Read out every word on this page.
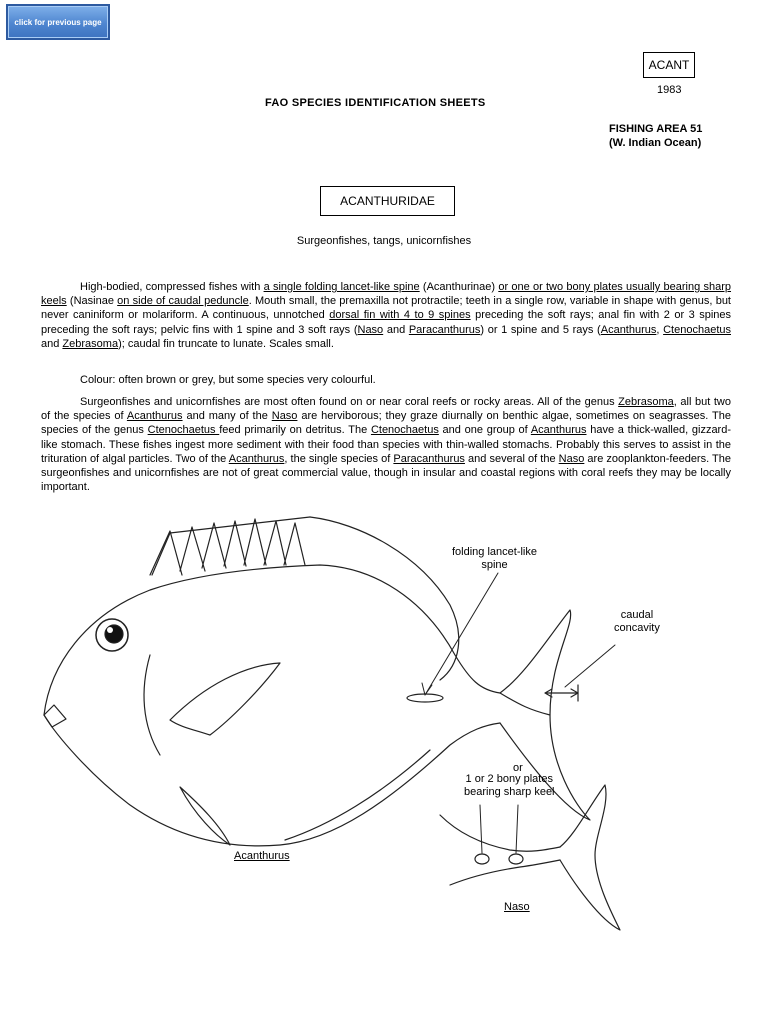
click for previous page
ACANT
1983
FAO SPECIES IDENTIFICATION SHEETS
FISHING AREA 51
(W. Indian Ocean)
ACANTHURIDAE
Surgeonfishes, tangs, unicornfishes

High-bodied, compressed fishes with a single folding lancet-like spine (Acanthurinae) or one or two bony plates usually bearing sharp keels (Nasinae on side of caudal peduncle. Mouth small, the premaxilla not protractile; teeth in a single row, variable in shape with genus, but never caniniform or molariform. A continuous, unnotched dorsal fin with 4 to 9 spines preceding the soft rays; anal fin with 2 or 3 spines preceding the soft rays; pelvic fins with 1 spine and 3 soft rays (Naso and Paracanthurus) or 1 spine and 5 rays (Acanthurus, Ctenochaetus and Zebrasoma); caudal fin truncate to lunate. Scales small.

Colour: often brown or grey, but some species very colourful.

Surgeonfishes and unicornfishes are most often found on or near coral reefs or rocky areas. All of the genus Zebrasoma, all but two of the species of Acanthurus and many of the Naso are herviborous; they graze diurnally on benthic algae, sometimes on seagrasses. The species of the genus Ctenochaetus feed primarily on detritus. The Ctenochaetus and one group of Acanthurus have a thick-walled, gizzard-like stomach. These fishes ingest more sediment with their food than species with thin-walled stomachs. Probably this serves to assist in the trituration of algal particles. Two of the Acanthurus, the single species of Paracanthurus and several of the Naso are zooplankton-feeders. The surgeonfishes and unicornfishes are not of great commercial value, though in insular and coastal regions with coral reefs they may be locally important.

folding lancet-like
spine
caudal
concavity
or
1 or 2 bony plates
bearing sharp keel
Acanthurus
Naso
